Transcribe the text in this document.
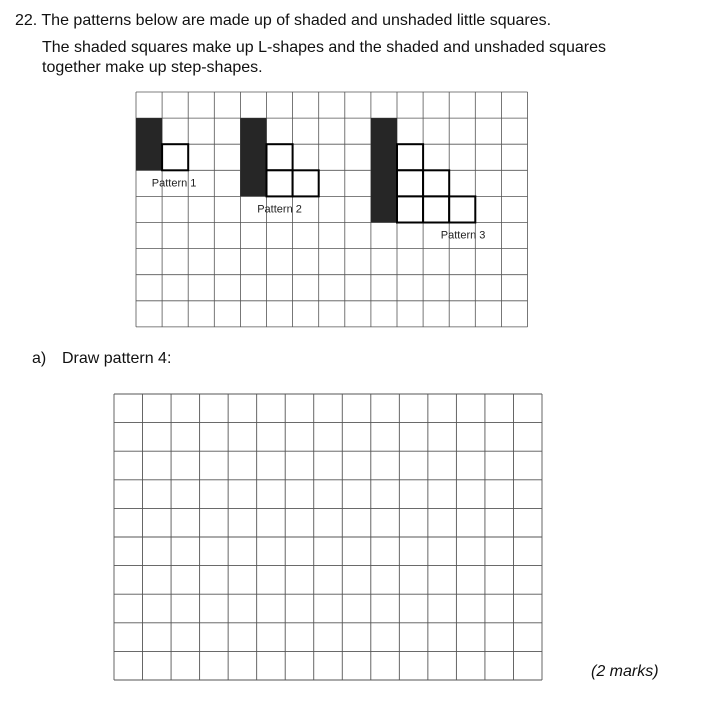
22. The patterns below are made up of shaded and unshaded little squares.
The shaded squares make up L-shapes and the shaded and unshaded squares
together make up step-shapes.
Pattern 1
Pattern 2
Pattern 3
a) Draw pattern 4:
(2 marks)
